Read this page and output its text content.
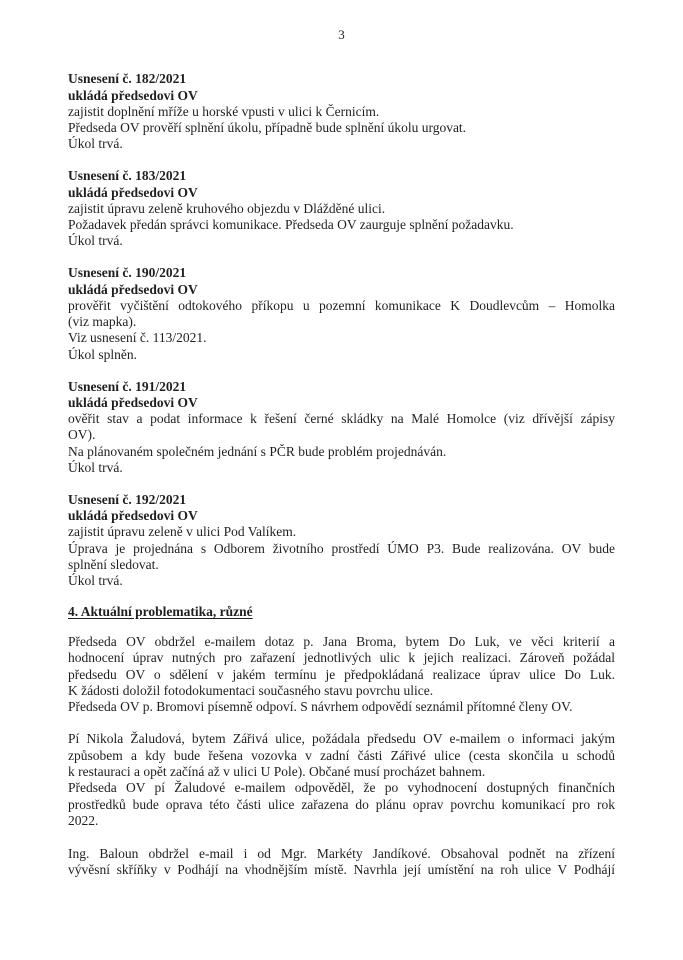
3
Usnesení č. 182/2021
ukládá předsedovi OV
zajistit doplnění mříže u horské vpusti v ulici k Černicím.
Předseda OV prověří splnění úkolu, případně bude splnění úkolu urgovat.
Úkol trvá.
Usnesení č. 183/2021
ukládá předsedovi OV
zajistit úpravu zeleně kruhového objezdu v Dlážděné ulici.
Požadavek předán správci komunikace. Předseda OV zaurguje splnění požadavku.
Úkol trvá.
Usnesení č. 190/2021
ukládá předsedovi OV
prověřit vyčištění odtokového příkopu u pozemní komunikace K Doudlevcům – Homolka
(viz mapka).
Viz usnesení č. 113/2021.
Úkol splněn.
Usnesení č. 191/2021
ukládá předsedovi OV
ověřit stav a podat informace k řešení černé skládky na Malé Homolce (viz dřívější zápisy
OV).
Na plánovaném společném jednání s PČR bude problém projednáván.
Úkol trvá.
Usnesení č. 192/2021
ukládá předsedovi OV
zajistit úpravu zeleně v ulici Pod Valíkem.
Úprava je projednána s Odborem životního prostředí ÚMO P3. Bude realizována. OV bude
splnění sledovat.
Úkol trvá.
4. Aktuální problematika, různé
Předseda OV obdržel e-mailem dotaz p. Jana Broma, bytem Do Luk, ve věci kriterií a
hodnocení úprav nutných pro zařazení jednotlivých ulic k jejich realizaci. Zároveň požádal
předsedu OV o sdělení v jakém termínu je předpokládaná realizace úprav ulice Do Luk.
K žádosti doložil fotodokumentaci současného stavu povrchu ulice.
Předseda OV p. Bromovi písemně odpoví. S návrhem odpovědí seznámil přítomné členy OV.
Pí Nikola Žaludová, bytem Zářivá ulice, požádala předsedu OV e-mailem o informaci jakým
způsobem a kdy bude řešena vozovka v zadní části Zářivé ulice (cesta skončila u schodů
k restauraci a opět začíná až v ulici U Pole). Občané musí procházet bahnem.
Předseda OV pí Žaludové e-mailem odpověděl, že po vyhodnocení dostupných finančních
prostředků bude oprava této části ulice zařazena do plánu oprav povrchu komunikací pro rok
2022.
Ing. Baloun obdržel e-mail i od Mgr. Markéty Jandíkové. Obsahoval podnět na zřízení
vývěsní skříňky v Podhájí na vhodnějším místě. Navrhla její umístění na roh ulice V Podhájí
